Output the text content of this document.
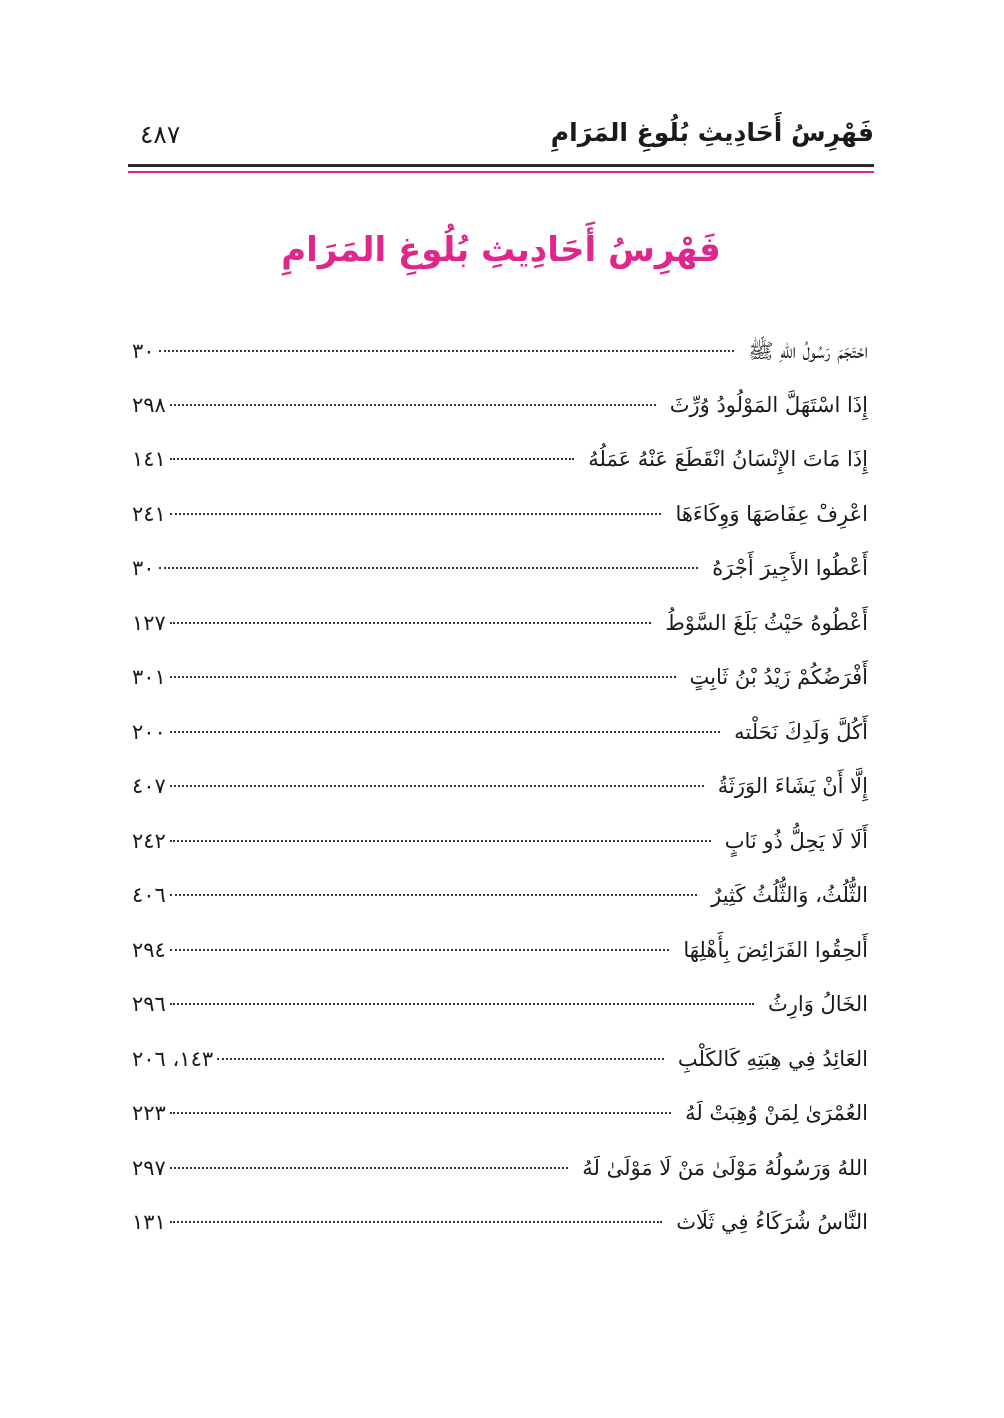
فَهْرِسُ أَحَادِيثِ بُلُوغِ المَرَامِ
٤٨٧
فَهْرِسُ أَحَادِيثِ بُلُوغِ المَرَامِ
احْتَجَمَ رَسُولُ اللهِ ﷺ
٣٠
إِذَا اسْتَهَلَّ المَوْلُودُ وُرِّثَ
٢٩٨
إِذَا مَاتَ الإِنْسَانُ انْقَطَعَ عَنْهُ عَمَلُهُ
١٤١
اعْرِفْ عِفَاصَهَا وَوِكَاءَهَا
٢٤١
أَعْطُوا الأَجِيرَ أَجْرَهُ
٣٠
أَعْطُوهُ حَيْثُ بَلَغَ السَّوْطُ
١٢٧
أَفْرَضُكُمْ زَيْدُ بْنُ ثَابِتٍ
٣٠١
أَكُلَّ وَلَدِكَ نَحَلْته
٢٠٠
إِلَّا أَنْ يَشَاءَ الوَرَثَةُ
٤٠٧
أَلَا لَا يَحِلُّ ذُو نَابٍ
٢٤٢
الثُّلُثُ، وَالثُّلُثُ كَثِيرٌ
٤٠٦
أَلحِقُوا الفَرَائِضَ بِأَهْلِهَا
٢٩٤
الخَالُ وَارِثُ
٢٩٦
العَائِدُ فِي هِبَتِهِ كَالكَلْبِ
١٤٣، ٢٠٦
العُمْرَىٰ لِمَنْ وُهِبَتْ لَهُ
٢٢٣
اللهُ وَرَسُولُهُ مَوْلَىٰ مَنْ لَا مَوْلَىٰ لَهُ
٢٩٧
النَّاسُ شُرَكَاءُ فِي ثَلَاث
١٣١
